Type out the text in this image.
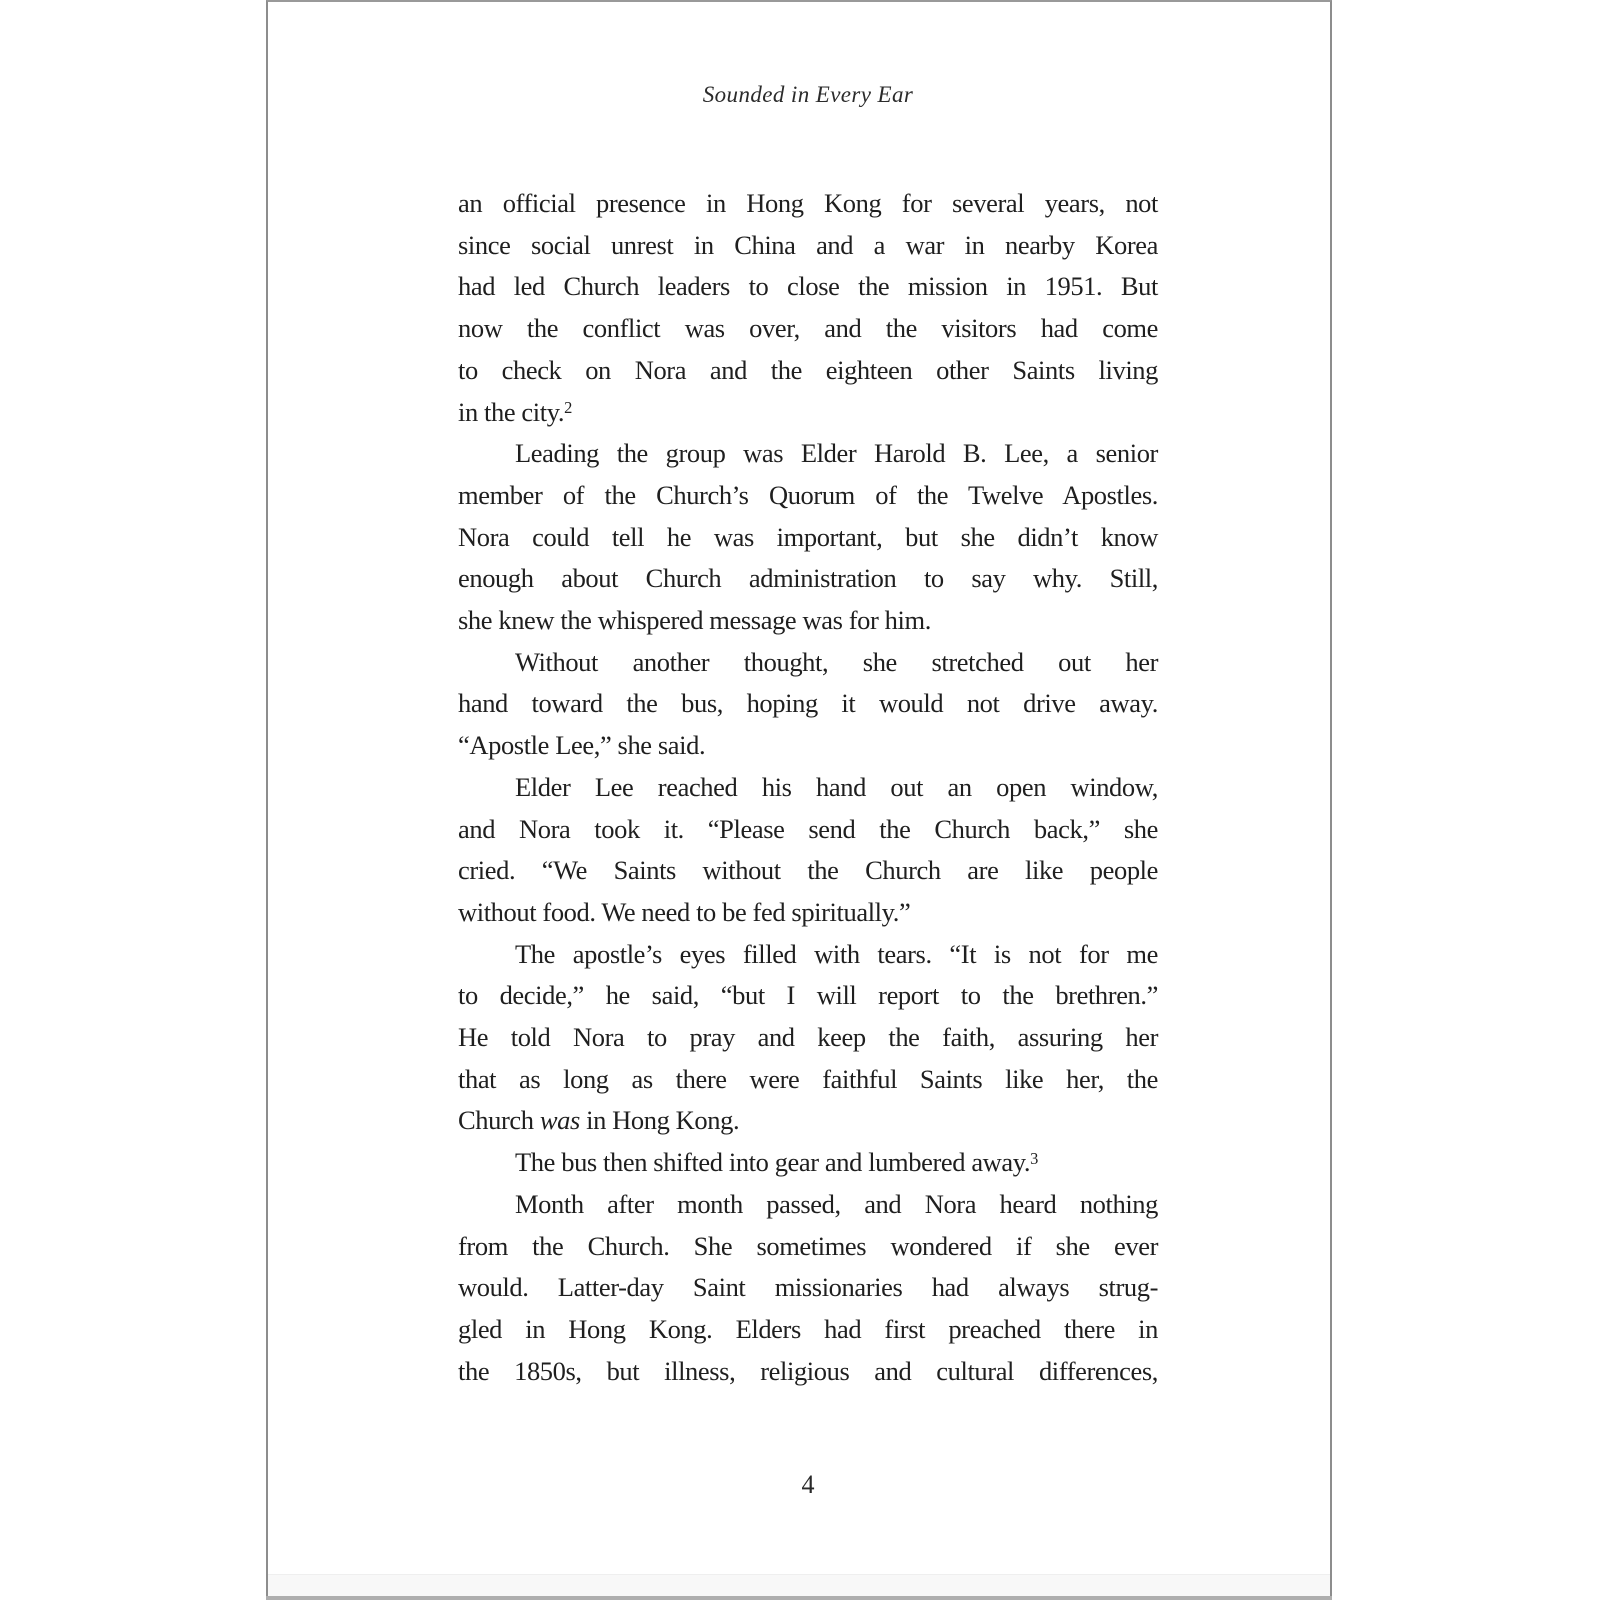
Sounded in Every Ear
an official presence in Hong Kong for several years, not
since social unrest in China and a war in nearby Korea
had led Church leaders to close the mission in 1951. But
now the conflict was over, and the visitors had come
to check on Nora and the eighteen other Saints living
in the city.$^2$
Leading the group was Elder Harold B. Lee, a senior
member of the Church’s Quorum of the Twelve Apostles.
Nora could tell he was important, but she didn’t know
enough about Church administration to say why. Still,
she knew the whispered message was for him.
Without another thought, she stretched out her
hand toward the bus, hoping it would not drive away.
“Apostle Lee,” she said.
Elder Lee reached his hand out an open window,
and Nora took it. “Please send the Church back,” she
cried. “We Saints without the Church are like people
without food. We need to be fed spiritually.”
The apostle’s eyes filled with tears. “It is not for me
to decide,” he said, “but I will report to the brethren.”
He told Nora to pray and keep the faith, assuring her
that as long as there were faithful Saints like her, the
Church was in Hong Kong.
The bus then shifted into gear and lumbered away.$^3$
Month after month passed, and Nora heard nothing
from the Church. She sometimes wondered if she ever
would. Latter-day Saint missionaries had always strug-
gled in Hong Kong. Elders had first preached there in
the 1850s, but illness, religious and cultural differences,
4
